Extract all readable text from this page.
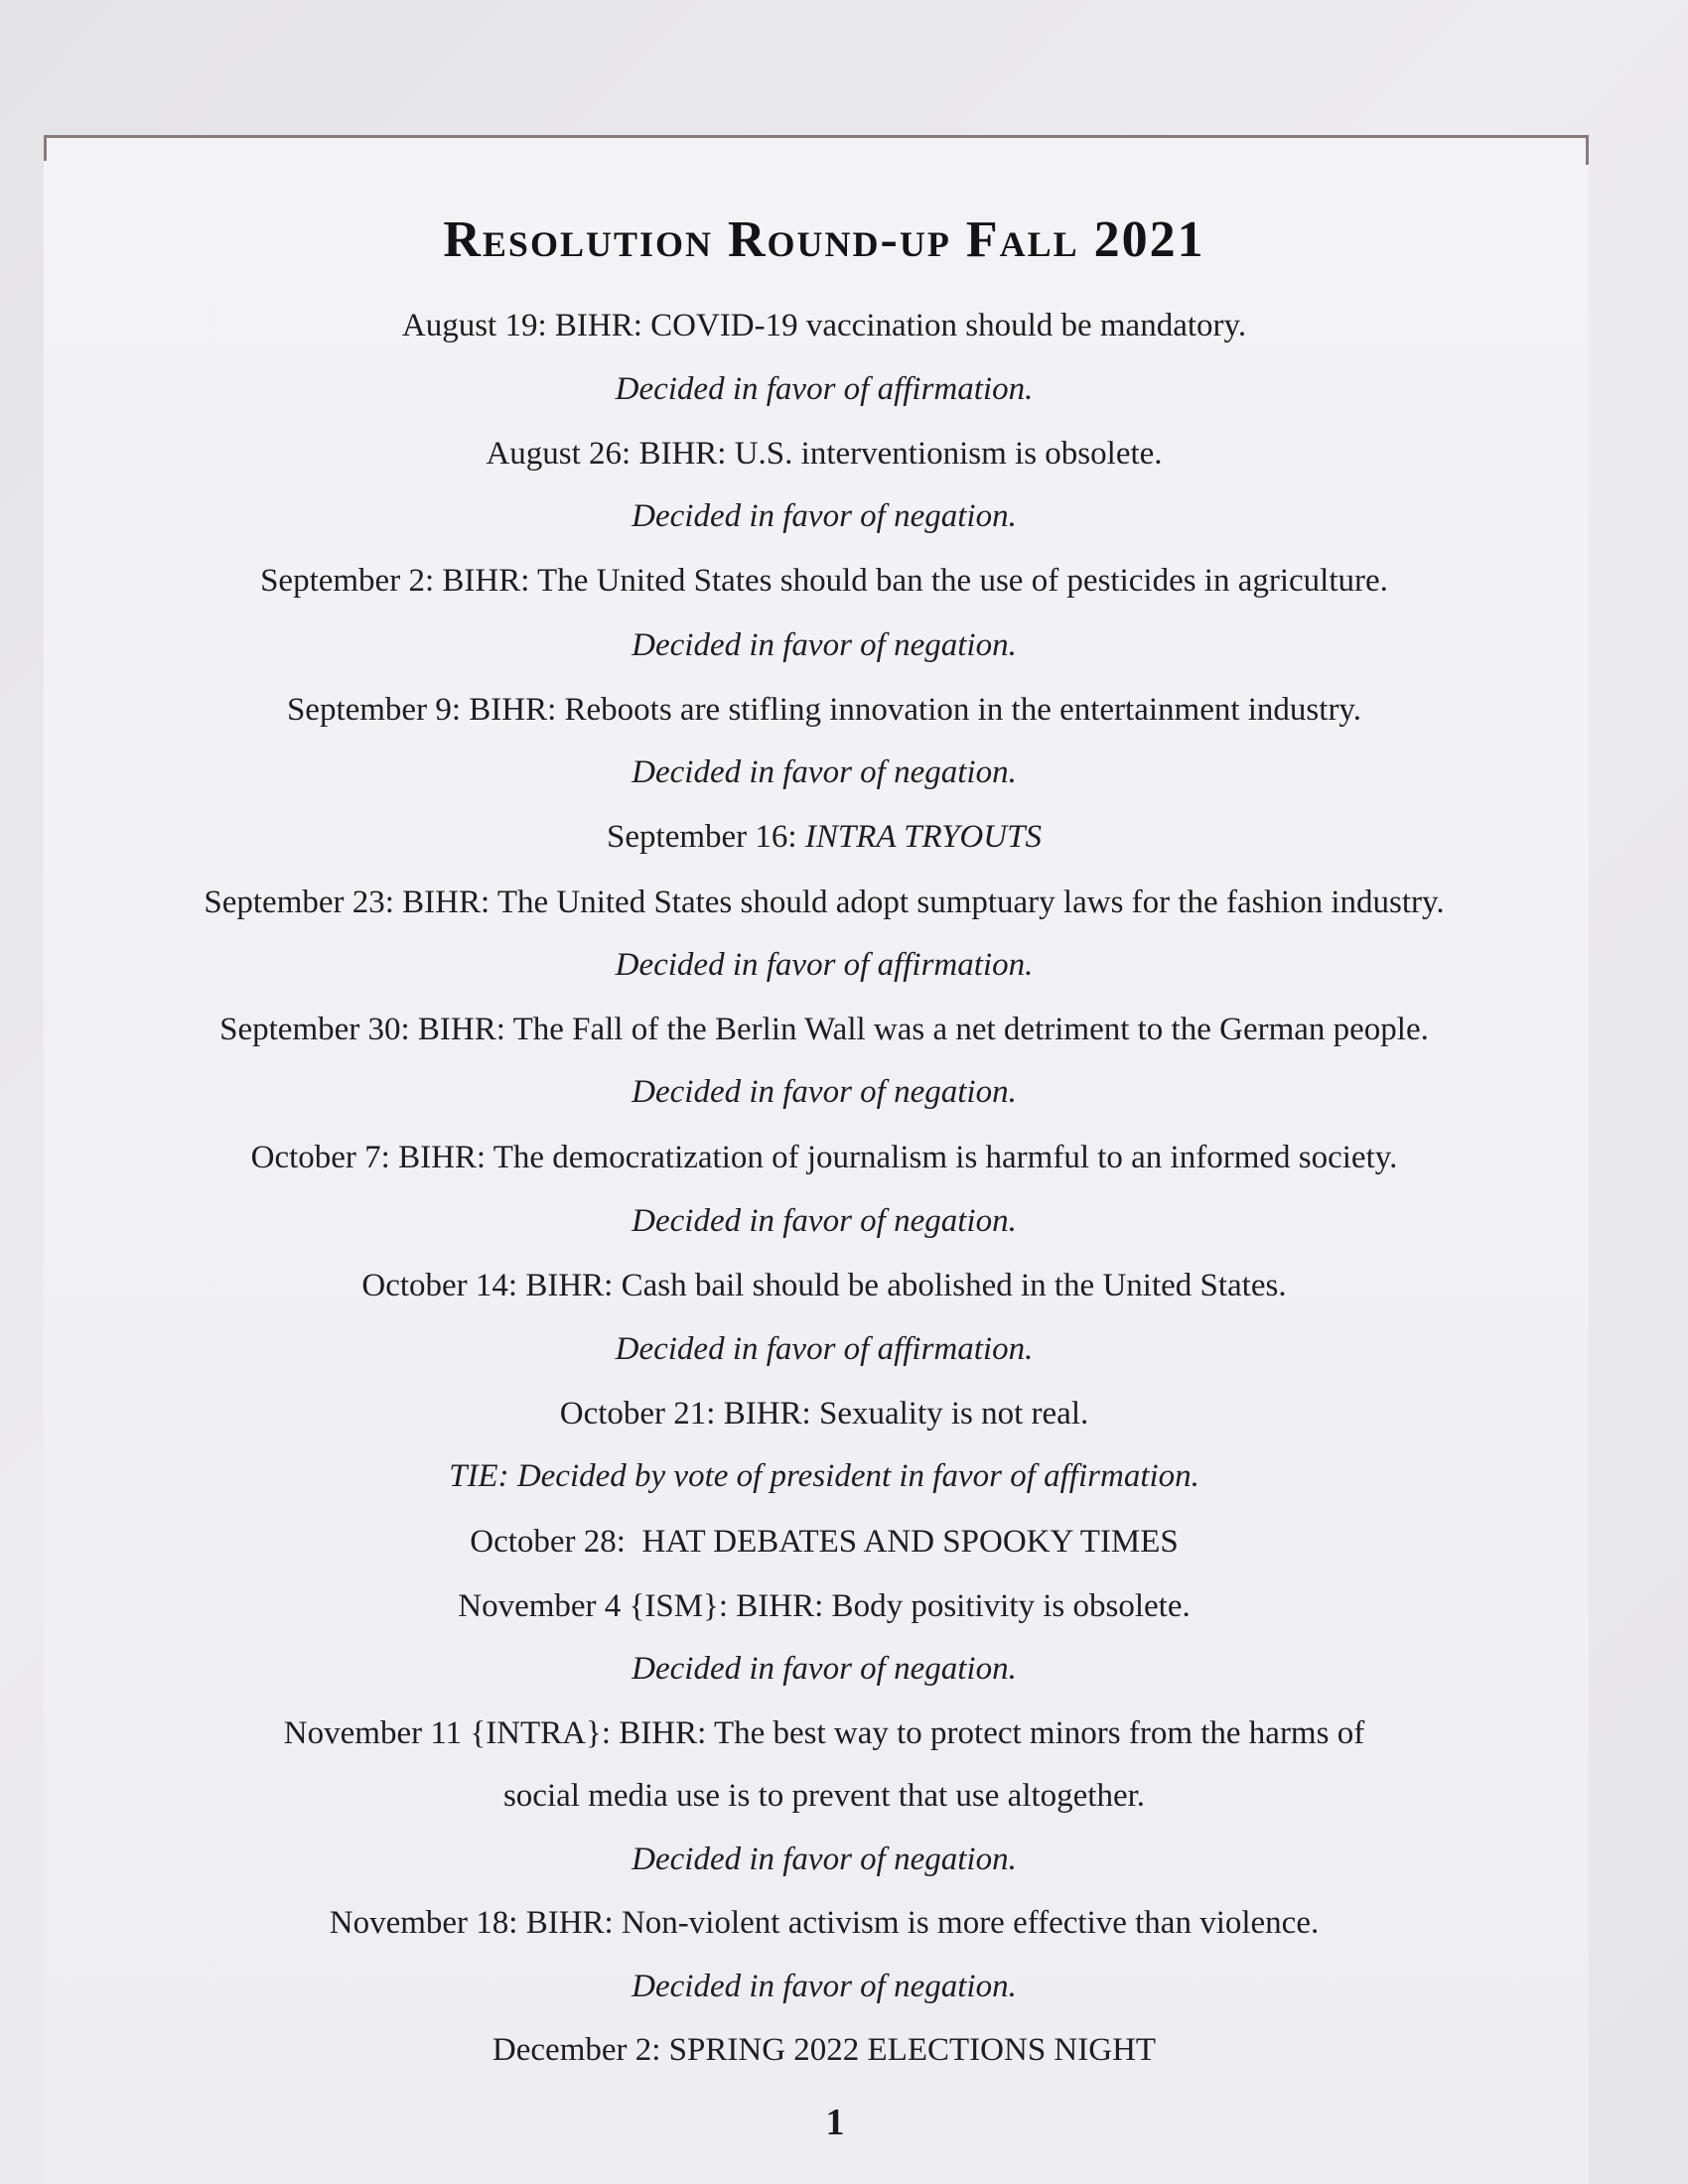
Resolution Round-up Fall 2021

August 19: BIHR: COVID-19 vaccination should be mandatory.

Decided in favor of affirmation.

August 26: BIHR: U.S. interventionism is obsolete.

Decided in favor of negation.

September 2: BIHR: The United States should ban the use of pesticides in agriculture.

Decided in favor of negation.

September 9: BIHR: Reboots are stifling innovation in the entertainment industry.

Decided in favor of negation.

September 16: INTRA TRYOUTS

September 23: BIHR: The United States should adopt sumptuary laws for the fashion industry.

Decided in favor of affirmation.

September 30: BIHR: The Fall of the Berlin Wall was a net detriment to the German people.

Decided in favor of negation.

October 7: BIHR: The democratization of journalism is harmful to an informed society.

Decided in favor of negation.

October 14: BIHR: Cash bail should be abolished in the United States.

Decided in favor of affirmation.

October 21: BIHR: Sexuality is not real.

TIE: Decided by vote of president in favor of affirmation.

October 28:  HAT DEBATES AND SPOOKY TIMES

November 4 {ISM}: BIHR: Body positivity is obsolete.

Decided in favor of negation.

November 11 {INTRA}: BIHR: The best way to protect minors from the harms of

social media use is to prevent that use altogether.

Decided in favor of negation.

November 18: BIHR: Non-violent activism is more effective than violence.

Decided in favor of negation.

December 2: SPRING 2022 ELECTIONS NIGHT

1
